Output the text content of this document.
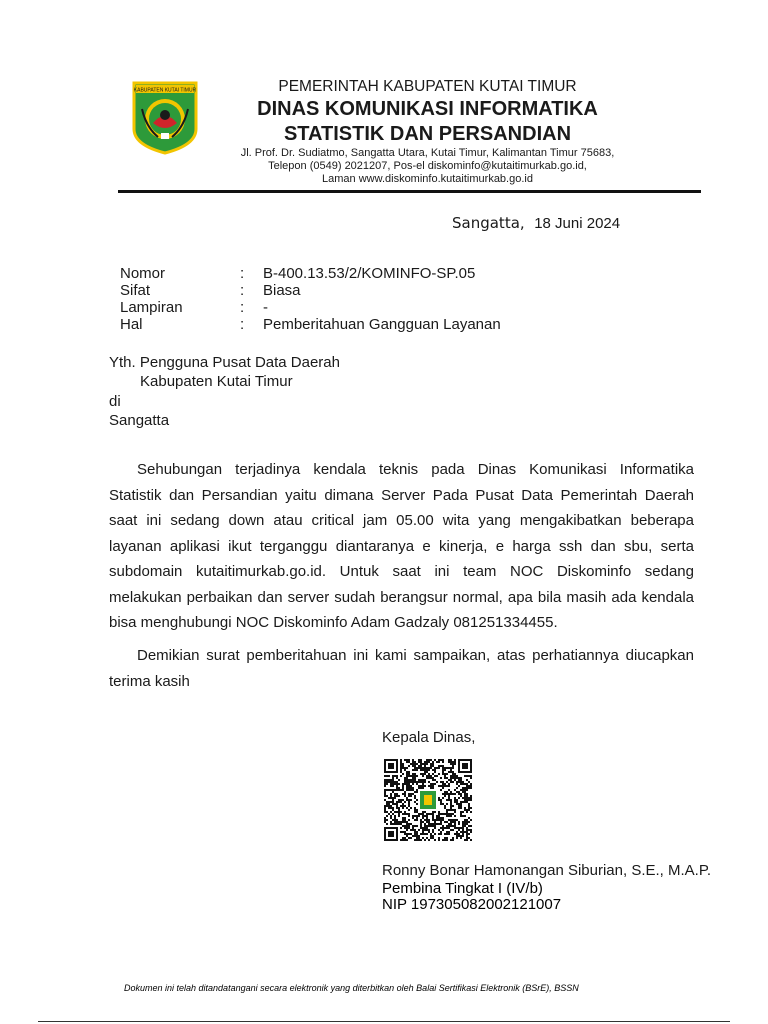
KABUPATEN KUTAI TIMUR	PEMERINTAH KABUPATEN KUTAI TIMUR
DINAS KOMUNIKASI INFORMATIKA
STATISTIK DAN PERSANDIAN
Jl. Prof. Dr. Sudiatmo, Sangatta Utara, Kutai Timur, Kalimantan Timur 75683,
Telepon (0549) 2021207, Pos-el diskominfo@kutaitimurkab.go.id,
Laman www.diskominfo.kutaitimurkab.go.id
Sangatta, 18 Juni 2024
Nomor	: B-400.13.53/2/KOMINFO-SP.05
Sifat	: Biasa
Lampiran	: -
Hal	: Pemberitahuan Gangguan Layanan
Yth. Pengguna Pusat Data Daerah
Kabupaten Kutai Timur
di
Sangatta
Sehubungan terjadinya kendala teknis pada Dinas Komunikasi Informatika
Statistik dan Persandian yaitu dimana Server Pada Pusat Data Pemerintah Daerah
saat ini sedang down atau critical jam 05.00 wita yang mengakibatkan beberapa
layanan aplikasi ikut terganggu diantaranya e kinerja, e harga ssh dan sbu, serta
subdomain kutaitimurkab.go.id. Untuk saat ini team NOC Diskominfo sedang
melakukan perbaikan dan server sudah berangsur normal, apa bila masih ada kendala
bisa menghubungi NOC Diskominfo Adam Gadzaly 081251334455.
Demikian surat pemberitahuan ini kami sampaikan, atas perhatiannya diucapkan
terima kasih
Kepala Dinas,
Ronny Bonar Hamonangan Siburian, S.E., M.A.P.
Pembina Tingkat I (IV/b)
NIP 197305082002121007
Dokumen ini telah ditandatangani secara elektronik yang diterbitkan oleh Balai Sertifikasi Elektronik (BSrE), BSSN
